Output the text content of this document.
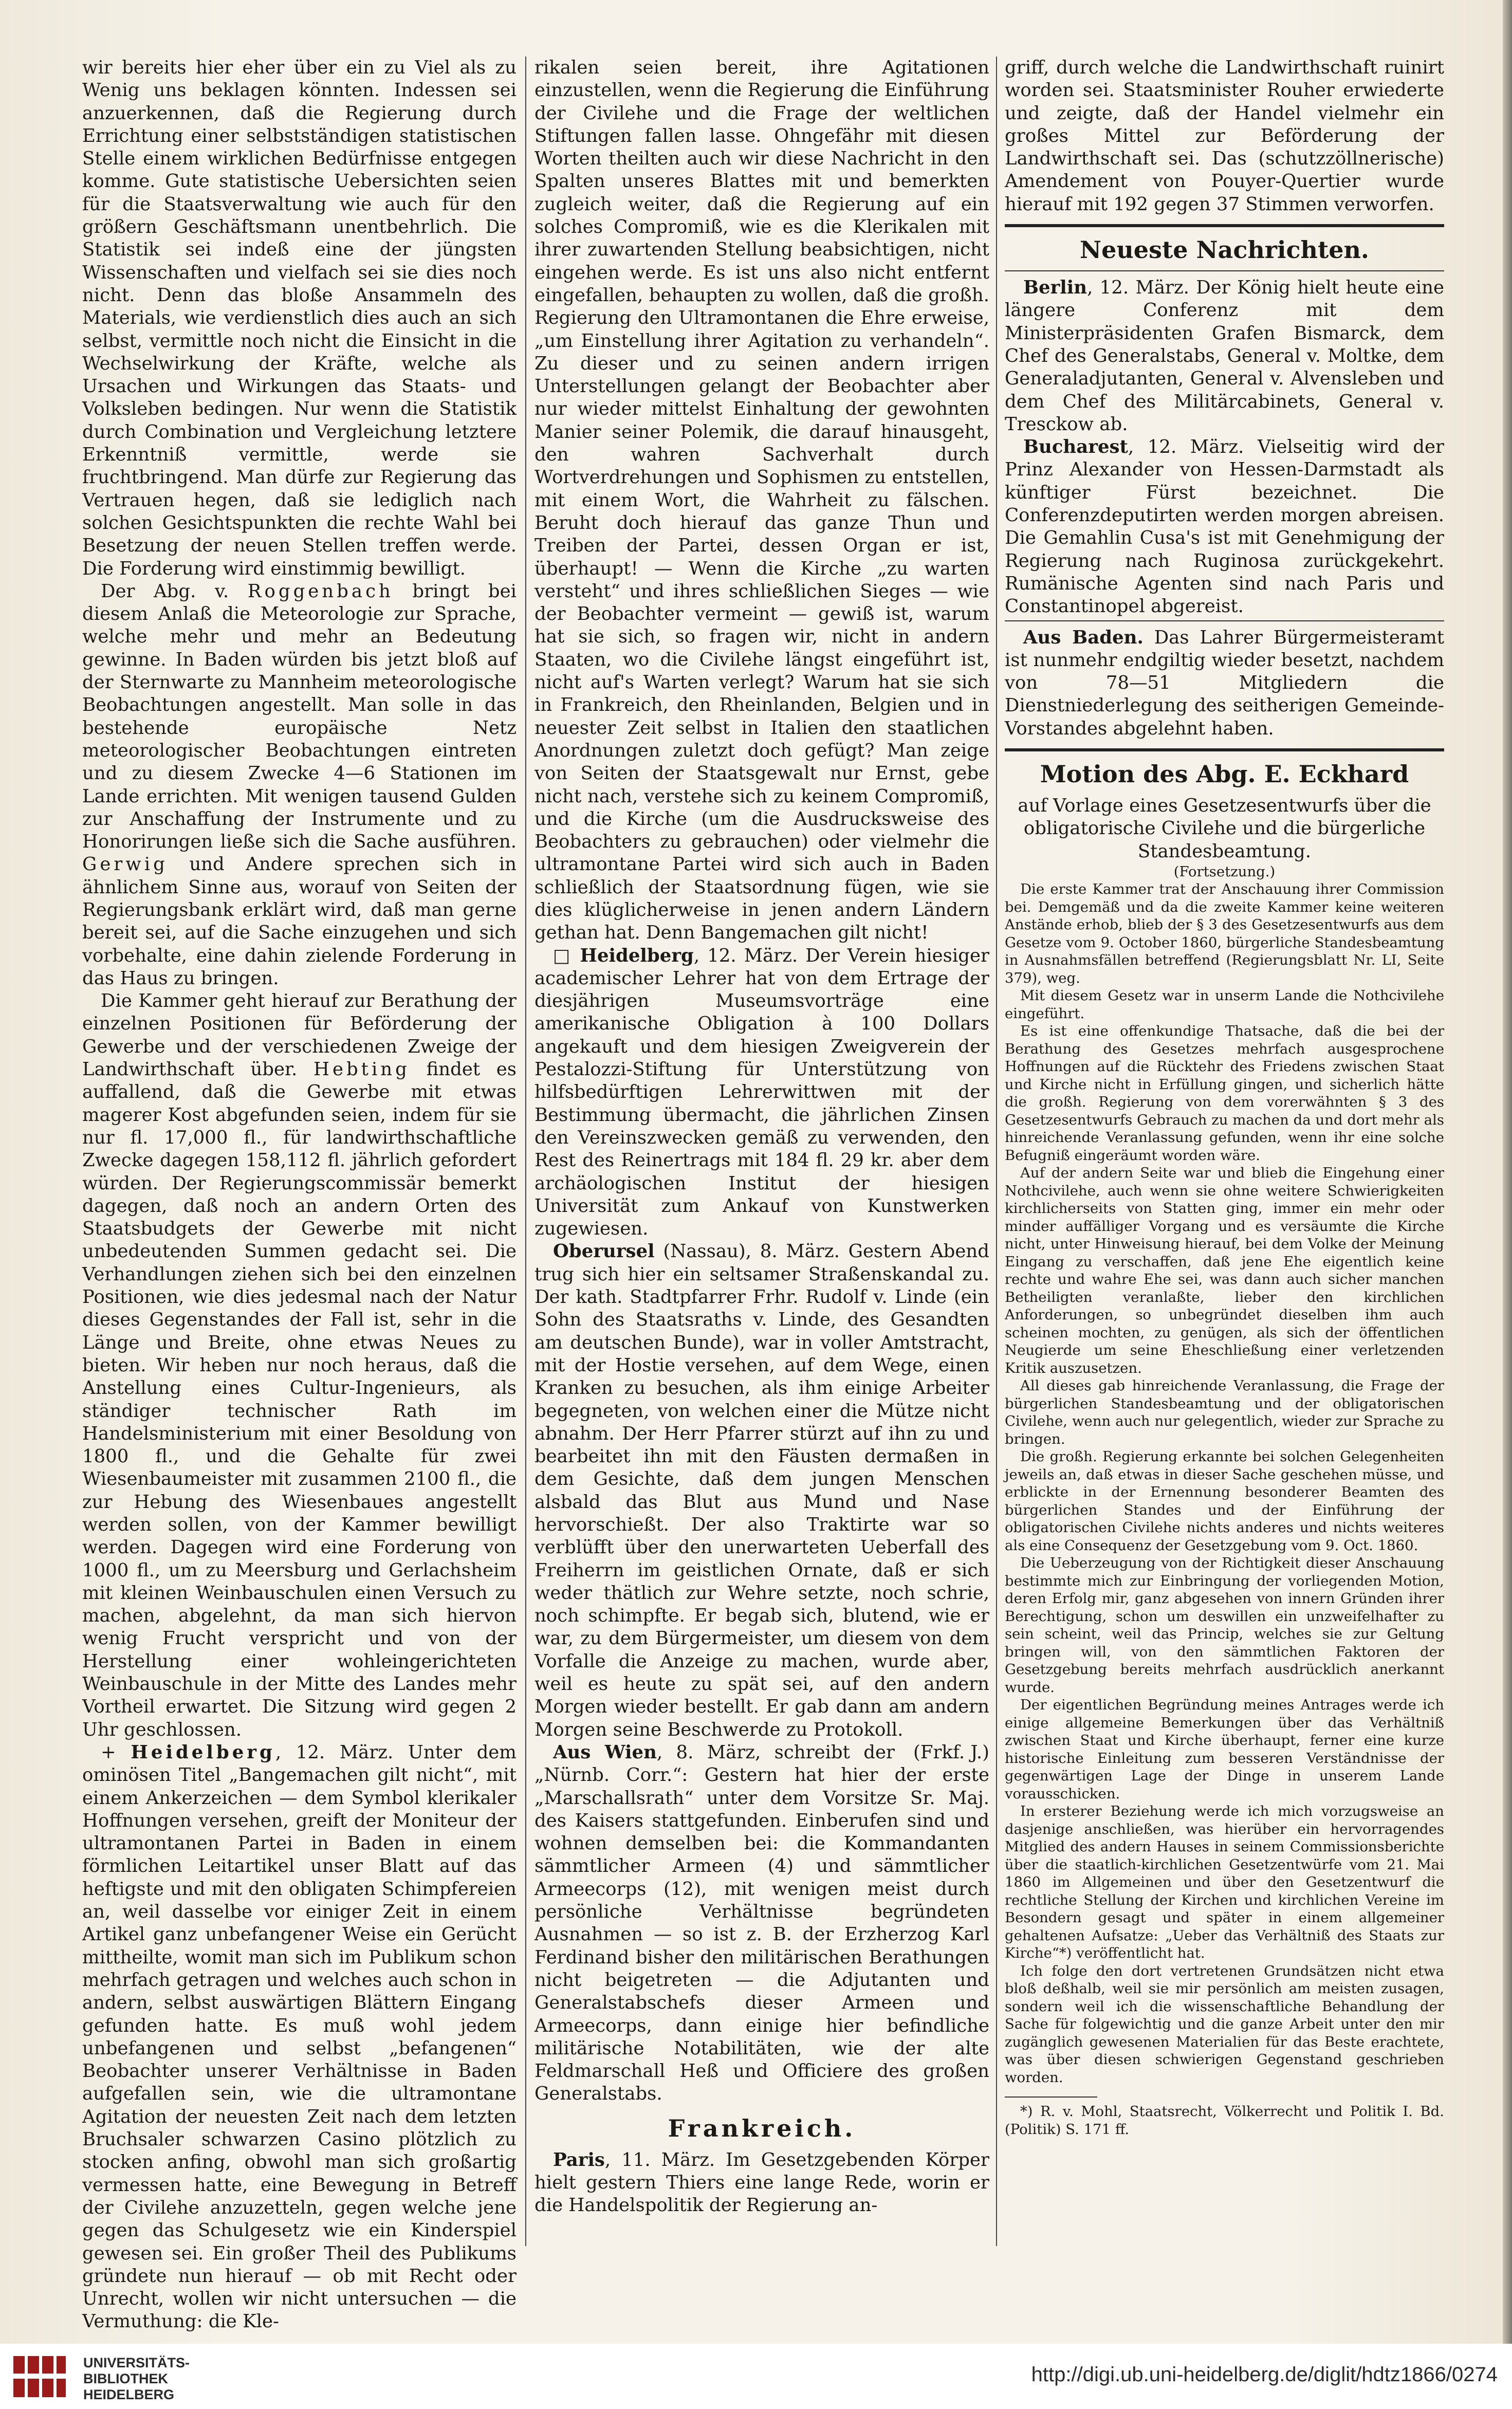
wir bereits hier eher über ein zu Viel als zu Wenig uns beklagen könnten. Indessen sei anzuerkennen, daß die Regierung durch Errichtung einer selbstständigen statistischen Stelle einem wirklichen Bedürfnisse entgegen komme. Gute statistische Uebersichten seien für die Staatsverwaltung wie auch für den größern Geschäftsmann unentbehrlich. Die Statistik sei indeß eine der jüngsten Wissenschaften und vielfach sei sie dies noch nicht. Denn das bloße Ansammeln des Materials, wie verdienstlich dies auch an sich selbst, vermittle noch nicht die Einsicht in die Wechselwirkung der Kräfte, welche als Ursachen und Wirkungen das Staats- und Volksleben bedingen. Nur wenn die Statistik durch Combination und Vergleichung letztere Erkenntniß vermittle, werde sie fruchtbringend. Man dürfe zur Regierung das Vertrauen hegen, daß sie lediglich nach solchen Gesichtspunkten die rechte Wahl bei Besetzung der neuen Stellen treffen werde. Die Forderung wird einstimmig bewilligt.

Der Abg. v. Roggenbach bringt bei diesem Anlaß die Meteorologie zur Sprache, welche mehr und mehr an Bedeutung gewinne. In Baden würden bis jetzt bloß auf der Sternwarte zu Mannheim meteorologische Beobachtungen angestellt. Man solle in das bestehende europäische Netz meteorologischer Beobachtungen eintreten und zu diesem Zwecke 4—6 Stationen im Lande errichten. Mit wenigen tausend Gulden zur Anschaffung der Instrumente und zu Honorirungen ließe sich die Sache ausführen. Gerwig und Andere sprechen sich in ähnlichem Sinne aus, worauf von Seiten der Regierungsbank erklärt wird, daß man gerne bereit sei, auf die Sache einzugehen und sich vorbehalte, eine dahin zielende Forderung in das Haus zu bringen.

Die Kammer geht hierauf zur Berathung der einzelnen Positionen für Beförderung der Gewerbe und der verschiedenen Zweige der Landwirthschaft über. Hebting findet es auffallend, daß die Gewerbe mit etwas magerer Kost abgefunden seien, indem für sie nur fl. 17,000 fl., für landwirthschaftliche Zwecke dagegen 158,112 fl. jährlich gefordert würden. Der Regierungscommissär bemerkt dagegen, daß noch an andern Orten des Staatsbudgets der Gewerbe mit nicht unbedeutenden Summen gedacht sei. Die Verhandlungen ziehen sich bei den einzelnen Positionen, wie dies jedesmal nach der Natur dieses Gegenstandes der Fall ist, sehr in die Länge und Breite, ohne etwas Neues zu bieten. Wir heben nur noch heraus, daß die Anstellung eines Cultur-Ingenieurs, als ständiger technischer Rath im Handelsministerium mit einer Besoldung von 1800 fl., und die Gehalte für zwei Wiesenbaumeister mit zusammen 2100 fl., die zur Hebung des Wiesenbaues angestellt werden sollen, von der Kammer bewilligt werden. Dagegen wird eine Forderung von 1000 fl., um zu Meersburg und Gerlachsheim mit kleinen Weinbauschulen einen Versuch zu machen, abgelehnt, da man sich hiervon wenig Frucht verspricht und von der Herstellung einer wohleingerichteten Weinbauschule in der Mitte des Landes mehr Vortheil erwartet. Die Sitzung wird gegen 2 Uhr geschlossen.

+ Heidelberg, 12. März. Unter dem ominösen Titel „Bangemachen gilt nicht“, mit einem Ankerzeichen — dem Symbol klerikaler Hoffnungen versehen, greift der Moniteur der ultramontanen Partei in Baden in einem förmlichen Leitartikel unser Blatt auf das heftigste und mit den obligaten Schimpfereien an, weil dasselbe vor einiger Zeit in einem Artikel ganz unbefangener Weise ein Gerücht mittheilte, womit man sich im Publikum schon mehrfach getragen und welches auch schon in andern, selbst auswärtigen Blättern Eingang gefunden hatte. Es muß wohl jedem unbefangenen und selbst „befangenen“ Beobachter unserer Verhältnisse in Baden aufgefallen sein, wie die ultramontane Agitation der neuesten Zeit nach dem letzten Bruchsaler schwarzen Casino plötzlich zu stocken anfing, obwohl man sich großartig vermessen hatte, eine Bewegung in Betreff der Civilehe anzuzetteln, gegen welche jene gegen das Schulgesetz wie ein Kinderspiel gewesen sei. Ein großer Theil des Publikums gründete nun hierauf — ob mit Recht oder Unrecht, wollen wir nicht untersuchen — die Vermuthung: die Kle-

rikalen seien bereit, ihre Agitationen einzustellen, wenn die Regierung die Einführung der Civilehe und die Frage der weltlichen Stiftungen fallen lasse. Ohngefähr mit diesen Worten theilten auch wir diese Nachricht in den Spalten unseres Blattes mit und bemerkten zugleich weiter, daß die Regierung auf ein solches Compromiß, wie es die Klerikalen mit ihrer zuwartenden Stellung beabsichtigen, nicht eingehen werde. Es ist uns also nicht entfernt eingefallen, behaupten zu wollen, daß die großh. Regierung den Ultramontanen die Ehre erweise, „um Einstellung ihrer Agitation zu verhandeln“. Zu dieser und zu seinen andern irrigen Unterstellungen gelangt der Beobachter aber nur wieder mittelst Einhaltung der gewohnten Manier seiner Polemik, die darauf hinausgeht, den wahren Sachverhalt durch Wortverdrehungen und Sophismen zu entstellen, mit einem Wort, die Wahrheit zu fälschen. Beruht doch hierauf das ganze Thun und Treiben der Partei, dessen Organ er ist, überhaupt! — Wenn die Kirche „zu warten versteht“ und ihres schließlichen Sieges — wie der Beobachter vermeint — gewiß ist, warum hat sie sich, so fragen wir, nicht in andern Staaten, wo die Civilehe längst eingeführt ist, nicht auf's Warten verlegt? Warum hat sie sich in Frankreich, den Rheinlanden, Belgien und in neuester Zeit selbst in Italien den staatlichen Anordnungen zuletzt doch gefügt? Man zeige von Seiten der Staatsgewalt nur Ernst, gebe nicht nach, verstehe sich zu keinem Compromiß, und die Kirche (um die Ausdrucksweise des Beobachters zu gebrauchen) oder vielmehr die ultramontane Partei wird sich auch in Baden schließlich der Staatsordnung fügen, wie sie dies klüglicherweise in jenen andern Ländern gethan hat. Denn Bangemachen gilt nicht!

□ Heidelberg, 12. März. Der Verein hiesiger academischer Lehrer hat von dem Ertrage der diesjährigen Museumsvorträge eine amerikanische Obligation à 100 Dollars angekauft und dem hiesigen Zweigverein der Pestalozzi-Stiftung für Unterstützung von hilfsbedürftigen Lehrerwittwen mit der Bestimmung übermacht, die jährlichen Zinsen den Vereinszwecken gemäß zu verwenden, den Rest des Reinertrags mit 184 fl. 29 kr. aber dem archäologischen Institut der hiesigen Universität zum Ankauf von Kunstwerken zugewiesen.

Oberursel (Nassau), 8. März. Gestern Abend trug sich hier ein seltsamer Straßenskandal zu. Der kath. Stadtpfarrer Frhr. Rudolf v. Linde (ein Sohn des Staatsraths v. Linde, des Gesandten am deutschen Bunde), war in voller Amtstracht, mit der Hostie versehen, auf dem Wege, einen Kranken zu besuchen, als ihm einige Arbeiter begegneten, von welchen einer die Mütze nicht abnahm. Der Herr Pfarrer stürzt auf ihn zu und bearbeitet ihn mit den Fäusten dermaßen in dem Gesichte, daß dem jungen Menschen alsbald das Blut aus Mund und Nase hervorschießt. Der also Traktirte war so verblüfft über den unerwarteten Ueberfall des Freiherrn im geistlichen Ornate, daß er sich weder thätlich zur Wehre setzte, noch schrie, noch schimpfte. Er begab sich, blutend, wie er war, zu dem Bürgermeister, um diesem von dem Vorfalle die Anzeige zu machen, wurde aber, weil es heute zu spät sei, auf den andern Morgen wieder bestellt. Er gab dann am andern Morgen seine Beschwerde zu Protokoll.
(Frkf. J.)

Aus Wien, 8. März, schreibt der „Nürnb. Corr.“: Gestern hat hier der erste „Marschallsrath“ unter dem Vorsitze Sr. Maj. des Kaisers stattgefunden. Einberufen sind und wohnen demselben bei: die Kommandanten sämmtlicher Armeen (4) und sämmtlicher Armeecorps (12), mit wenigen meist durch persönliche Verhältnisse begründeten Ausnahmen — so ist z. B. der Erzherzog Karl Ferdinand bisher den militärischen Berathungen nicht beigetreten — die Adjutanten und Generalstabschefs dieser Armeen und Armeecorps, dann einige hier befindliche militärische Notabilitäten, wie der alte Feldmarschall Heß und Officiere des großen Generalstabs.

Frankreich.

Paris, 11. März. Im Gesetzgebenden Körper hielt gestern Thiers eine lange Rede, worin er die Handelspolitik der Regierung an-

griff, durch welche die Landwirthschaft ruinirt worden sei. Staatsminister Rouher erwiederte und zeigte, daß der Handel vielmehr ein großes Mittel zur Beförderung der Landwirthschaft sei. Das (schutzzöllnerische) Amendement von Pouyer-Quertier wurde hierauf mit 192 gegen 37 Stimmen verworfen.

Neueste Nachrichten.

Berlin, 12. März. Der König hielt heute eine längere Conferenz mit dem Ministerpräsidenten Grafen Bismarck, dem Chef des Generalstabs, General v. Moltke, dem Generaladjutanten, General v. Alvensleben und dem Chef des Militärcabinets, General v. Tresckow ab.

Bucharest, 12. März. Vielseitig wird der Prinz Alexander von Hessen-Darmstadt als künftiger Fürst bezeichnet. Die Conferenzdeputirten werden morgen abreisen. Die Gemahlin Cusa's ist mit Genehmigung der Regierung nach Ruginosa zurückgekehrt. Rumänische Agenten sind nach Paris und Constantinopel abgereist.

Aus Baden. Das Lahrer Bürgermeisteramt ist nunmehr endgiltig wieder besetzt, nachdem von 78—51 Mitgliedern die Dienstniederlegung des seitherigen Gemeinde-Vorstandes abgelehnt haben.

Motion des Abg. E. Eckhard

auf Vorlage eines Gesetzesentwurfs über die obligatorische Civilehe und die bürgerliche Standesbeamtung.

(Fortsetzung.)

Die erste Kammer trat der Anschauung ihrer Commission bei. Demgemäß und da die zweite Kammer keine weiteren Anstände erhob, blieb der § 3 des Gesetzesentwurfs aus dem Gesetze vom 9. October 1860, bürgerliche Standesbeamtung in Ausnahmsfällen betreffend (Regierungsblatt Nr. LI, Seite 379), weg.

Mit diesem Gesetz war in unserm Lande die Nothcivilehe eingeführt.

Es ist eine offenkundige Thatsache, daß die bei der Berathung des Gesetzes mehrfach ausgesprochene Hoffnungen auf die Rücktehr des Friedens zwischen Staat und Kirche nicht in Erfüllung gingen, und sicherlich hätte die großh. Regierung von dem vorerwähnten § 3 des Gesetzesentwurfs Gebrauch zu machen da und dort mehr als hinreichende Veranlassung gefunden, wenn ihr eine solche Befugniß eingeräumt worden wäre.

Auf der andern Seite war und blieb die Eingehung einer Nothcivilehe, auch wenn sie ohne weitere Schwierigkeiten kirchlicherseits von Statten ging, immer ein mehr oder minder auffälliger Vorgang und es versäumte die Kirche nicht, unter Hinweisung hierauf, bei dem Volke der Meinung Eingang zu verschaffen, daß jene Ehe eigentlich keine rechte und wahre Ehe sei, was dann auch sicher manchen Betheiligten veranlaßte, lieber den kirchlichen Anforderungen, so unbegründet dieselben ihm auch scheinen mochten, zu genügen, als sich der öffentlichen Neugierde um seine Eheschließung einer verletzenden Kritik auszusetzen.

All dieses gab hinreichende Veranlassung, die Frage der bürgerlichen Standesbeamtung und der obligatorischen Civilehe, wenn auch nur gelegentlich, wieder zur Sprache zu bringen.

Die großh. Regierung erkannte bei solchen Gelegenheiten jeweils an, daß etwas in dieser Sache geschehen müsse, und erblickte in der Ernennung besonderer Beamten des bürgerlichen Standes und der Einführung der obligatorischen Civilehe nichts anderes und nichts weiteres als eine Consequenz der Gesetzgebung vom 9. Oct. 1860.

Die Ueberzeugung von der Richtigkeit dieser Anschauung bestimmte mich zur Einbringung der vorliegenden Motion, deren Erfolg mir, ganz abgesehen von innern Gründen ihrer Berechtigung, schon um deswillen ein unzweifelhafter zu sein scheint, weil das Princip, welches sie zur Geltung bringen will, von den sämmtlichen Faktoren der Gesetzgebung bereits mehrfach ausdrücklich anerkannt wurde.

Der eigentlichen Begründung meines Antrages werde ich einige allgemeine Bemerkungen über das Verhältniß zwischen Staat und Kirche überhaupt, ferner eine kurze historische Einleitung zum besseren Verständnisse der gegenwärtigen Lage der Dinge in unserem Lande vorausschicken.

In ersterer Beziehung werde ich mich vorzugsweise an dasjenige anschließen, was hierüber ein hervorragendes Mitglied des andern Hauses in seinem Commissionsberichte über die staatlich-kirchlichen Gesetzentwürfe vom 21. Mai 1860 im Allgemeinen und über den Gesetzentwurf die rechtliche Stellung der Kirchen und kirchlichen Vereine im Besondern gesagt und später in einem allgemeiner gehaltenen Aufsatze: „Ueber das Verhältniß des Staats zur Kirche“*) veröffentlicht hat.

Ich folge den dort vertretenen Grundsätzen nicht etwa bloß deßhalb, weil sie mir persönlich am meisten zusagen, sondern weil ich die wissenschaftliche Behandlung der Sache für folgewichtig und die ganze Arbeit unter den mir zugänglich gewesenen Materialien für das Beste erachtete, was über diesen schwierigen Gegenstand geschrieben worden.

*) R. v. Mohl, Staatsrecht, Völkerrecht und Politik I. Bd. (Politik) S. 171 ff.

UNIVERSITÄTS-
BIBLIOTHEK
HEIDELBERG
http://digi.ub.uni-heidelberg.de/diglit/hdtz1866/0274
